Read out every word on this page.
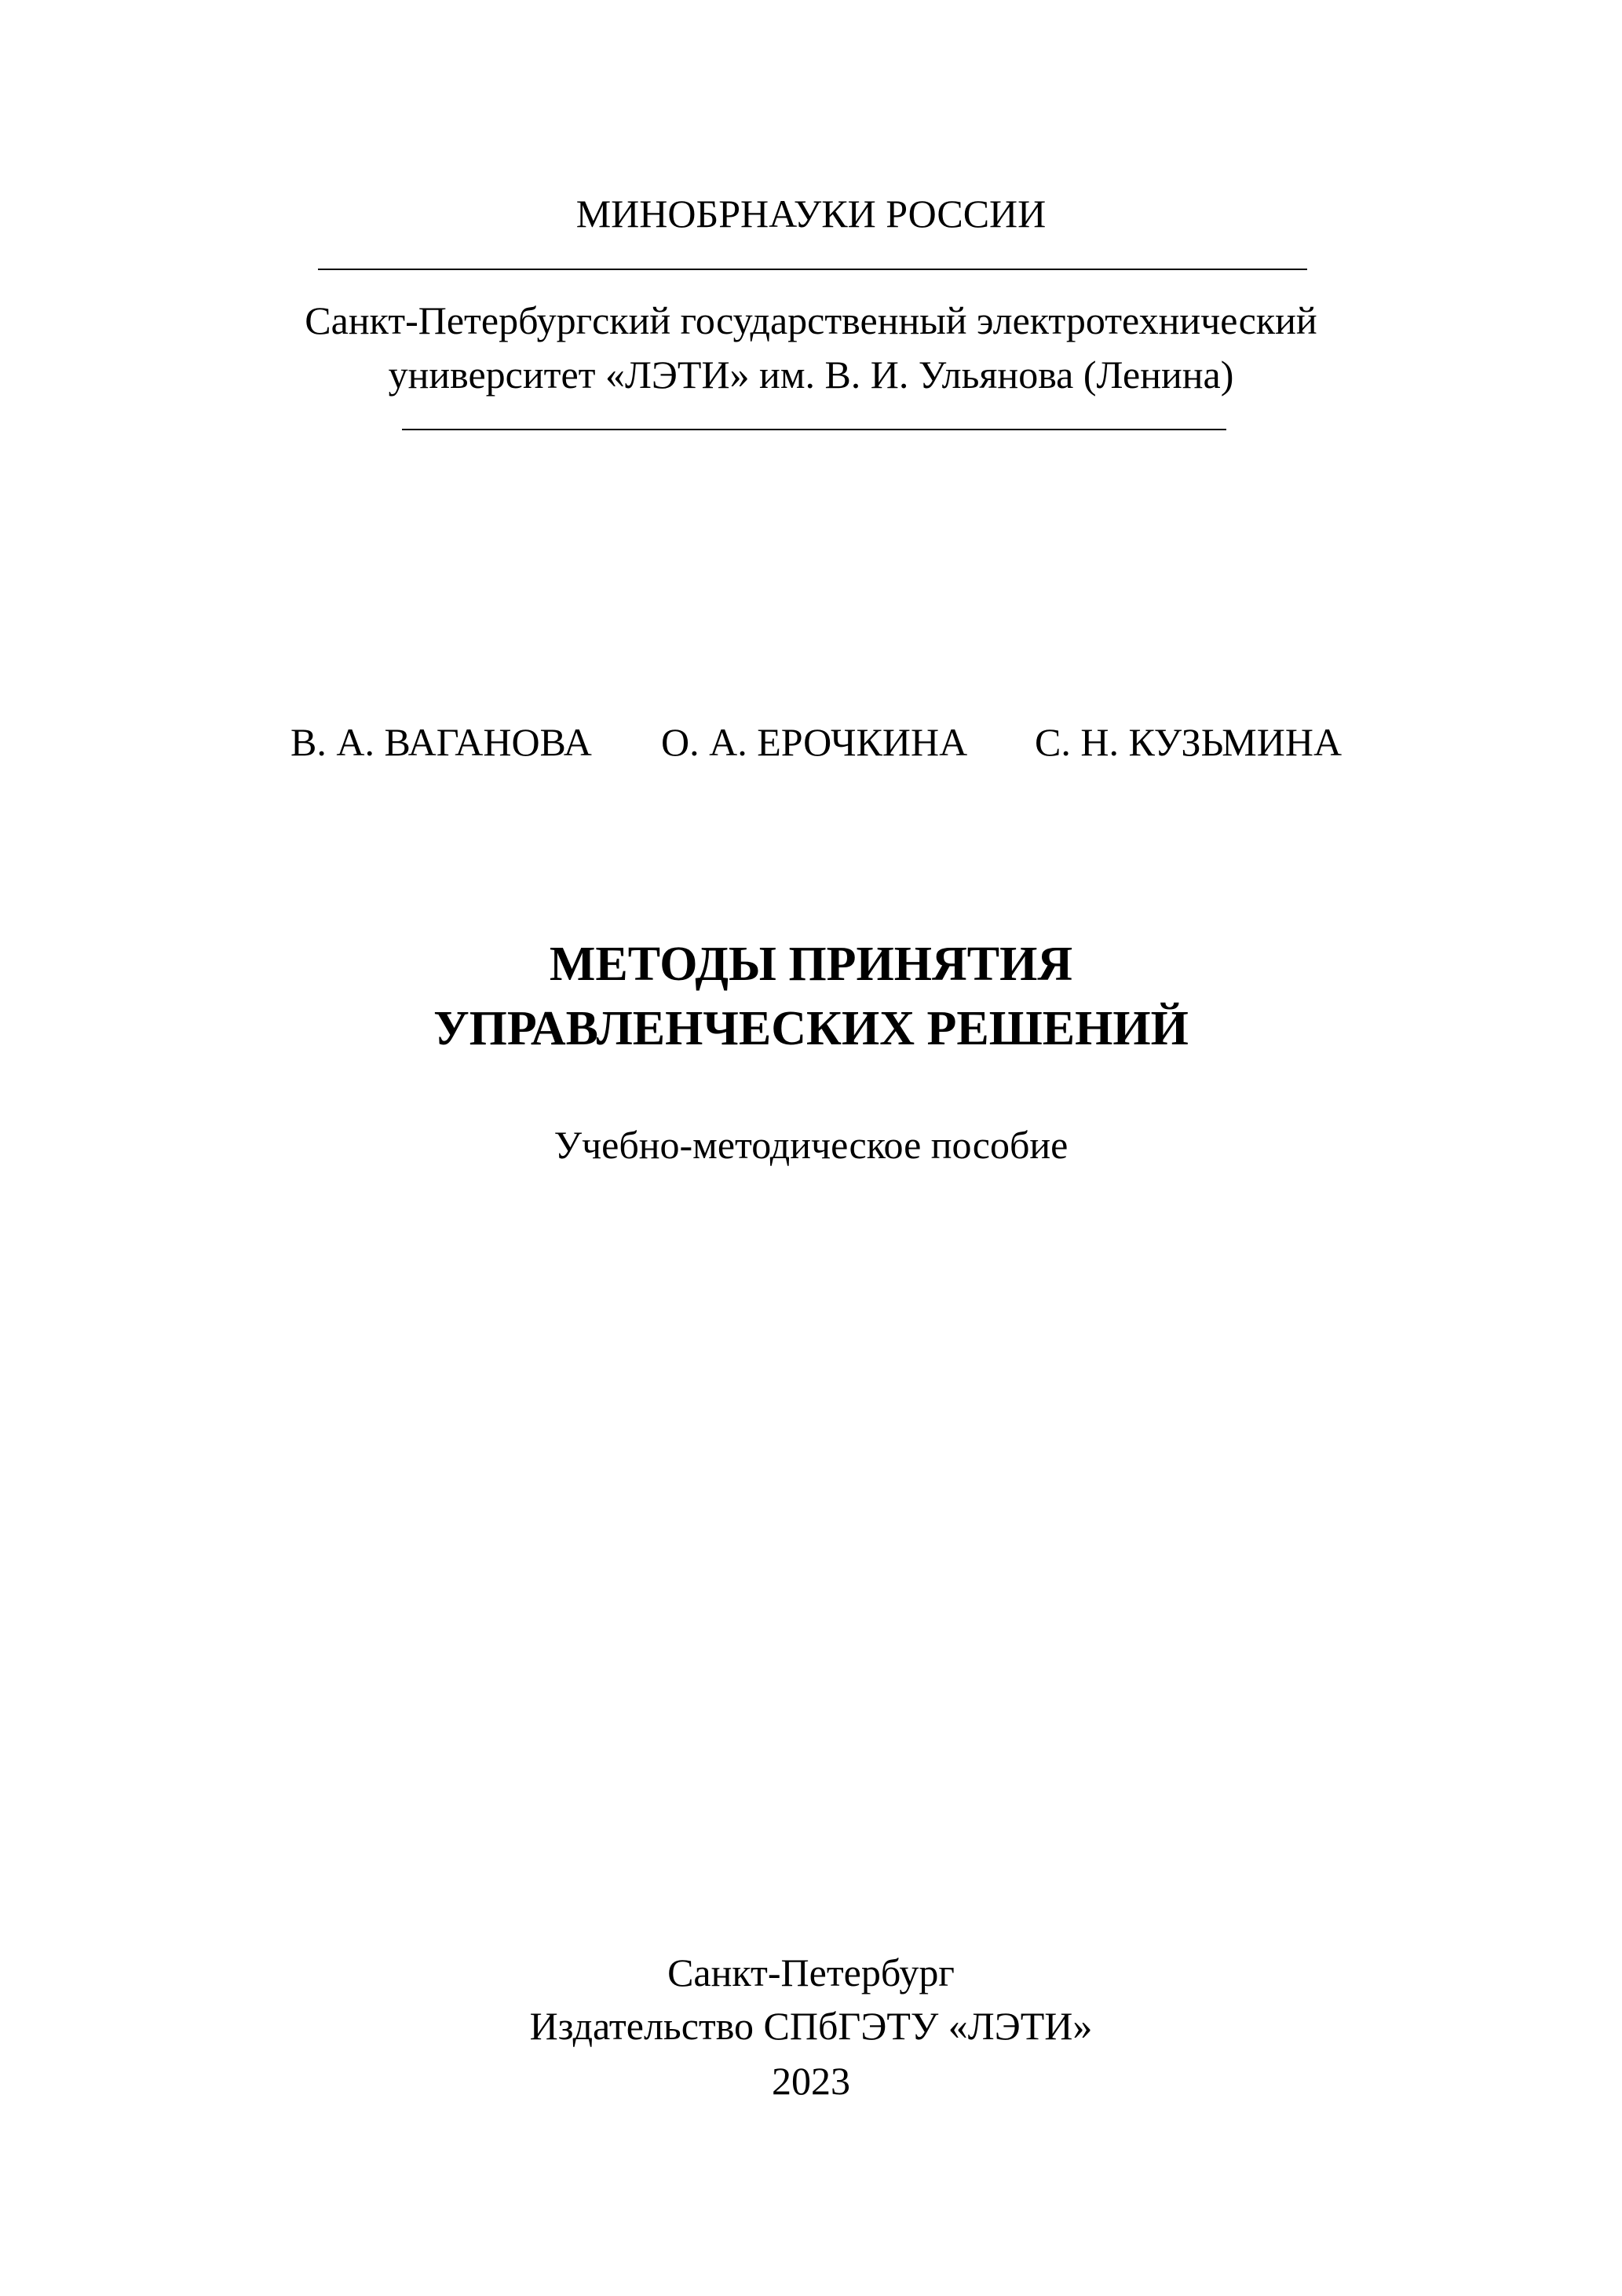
МИНОБРНАУКИ РОССИИ
Санкт-Петербургский государственный электротехнический
университет «ЛЭТИ» им. В. И. Ульянова (Ленина)
В. А. ВАГАНОВА О. А. ЕРОЧКИНА С. Н. КУЗЬМИНА
МЕТОДЫ ПРИНЯТИЯ
УПРАВЛЕНЧЕСКИХ РЕШЕНИЙ
Учебно-методическое пособие
Санкт-Петербург
Издательство СПбГЭТУ «ЛЭТИ»
2023
